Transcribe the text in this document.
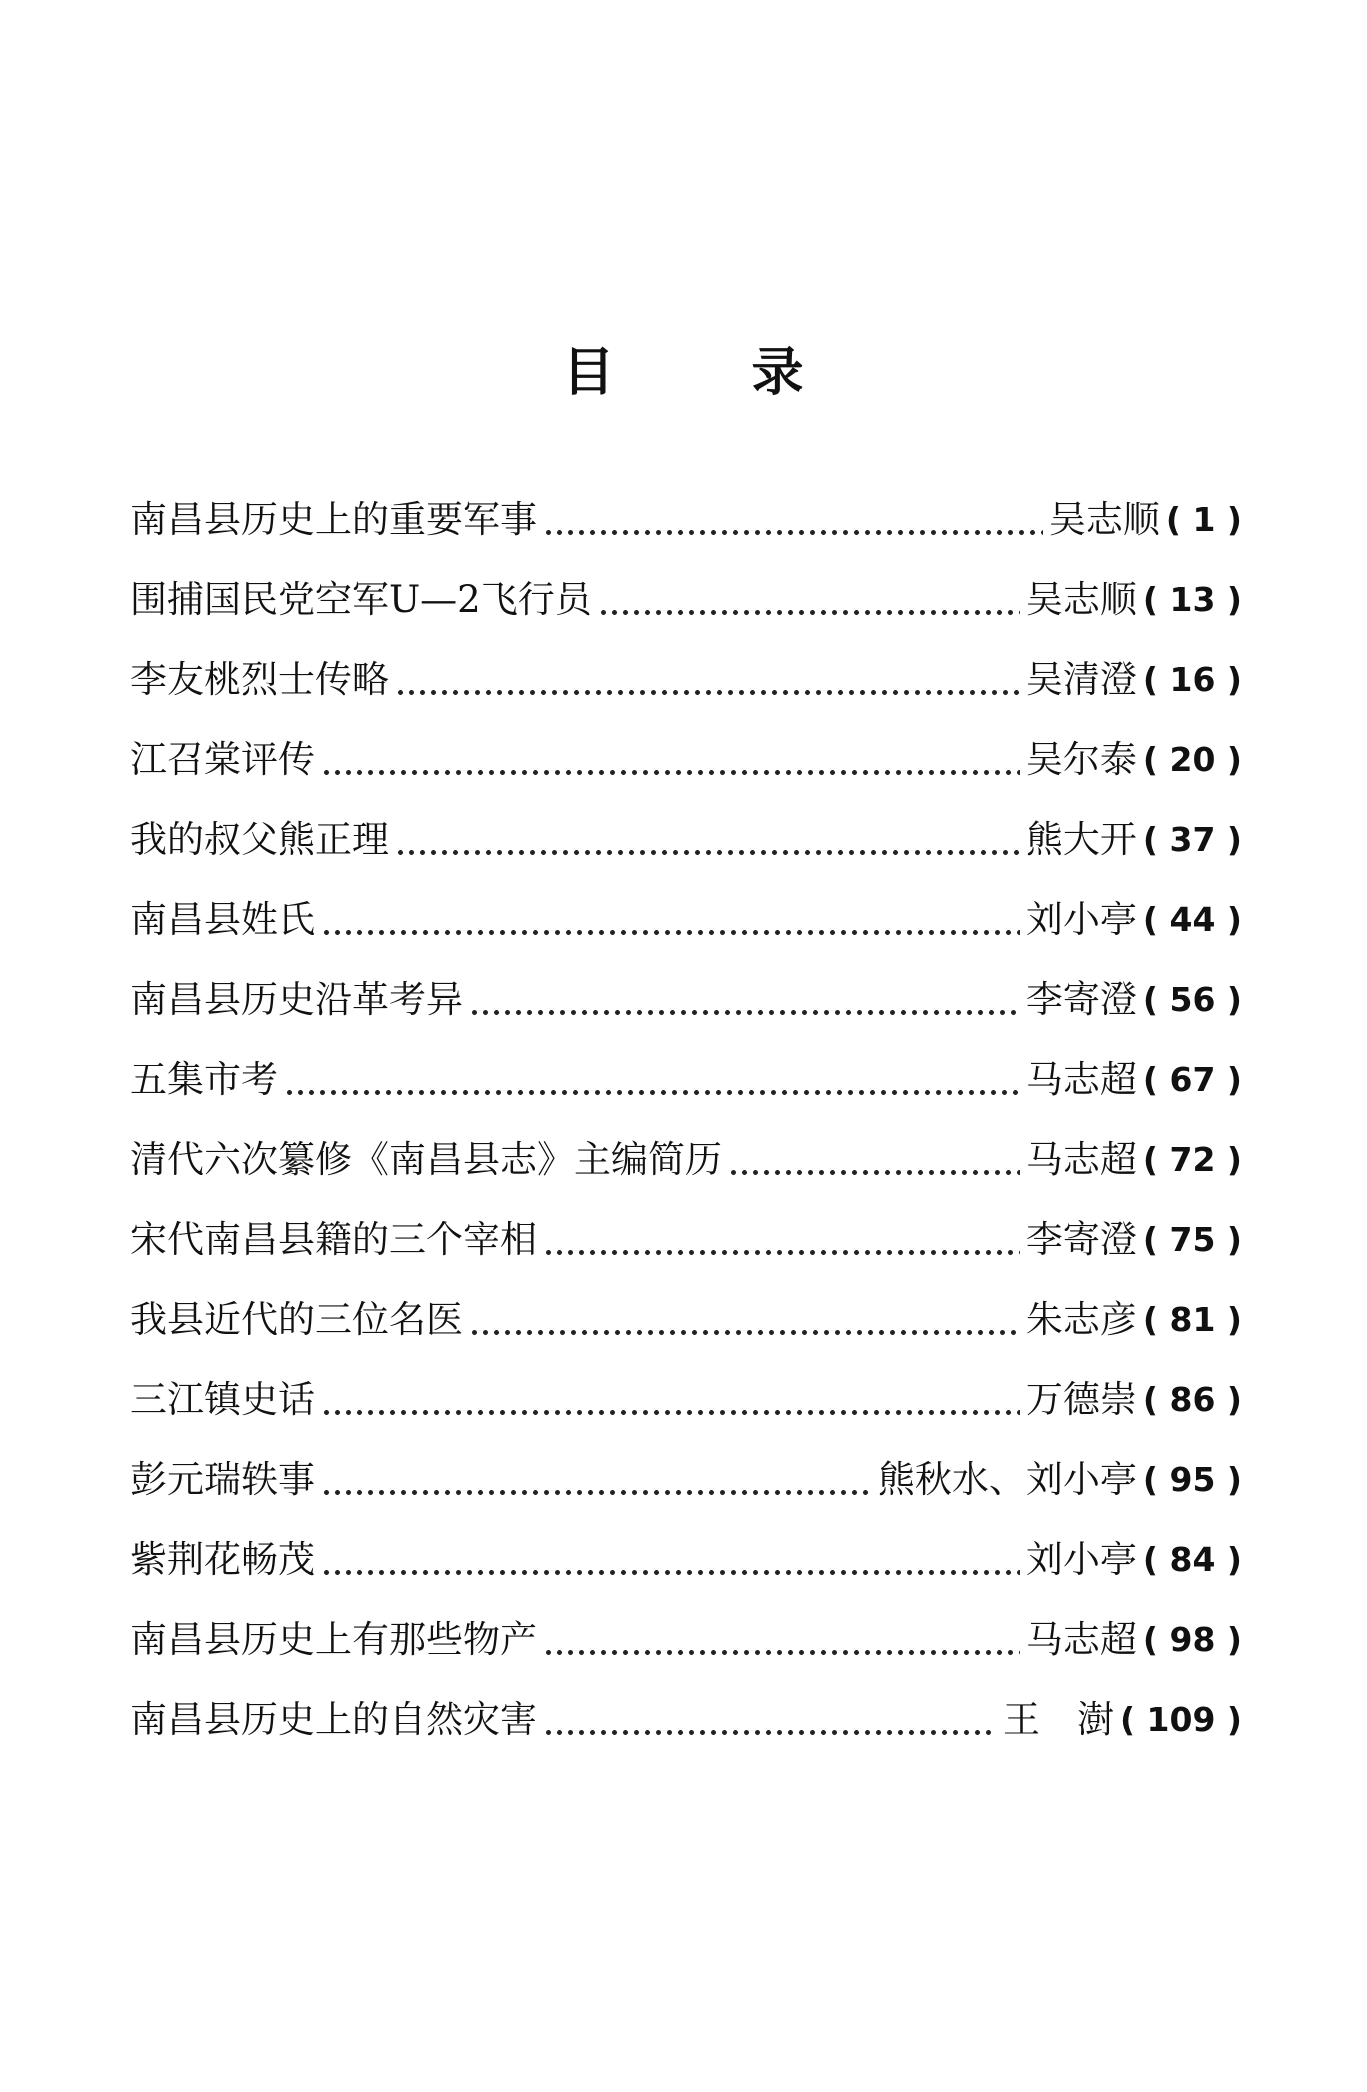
目	录
南昌县历史上的重要军事	吴志顺 ( 1 )
围捕国民党空军U—2飞行员	吴志顺 ( 13 )
李友桃烈士传略	吴清澄 ( 16 )
江召棠评传	吴尔泰 ( 20 )
我的叔父熊正理	熊大开 ( 37 )
南昌县姓氏	刘小亭 ( 44 )
南昌县历史沿革考异	李寄澄 ( 56 )
五集市考	马志超 ( 67 )
清代六次纂修《南昌县志》主编简历	马志超 ( 72 )
宋代南昌县籍的三个宰相	李寄澄 ( 75 )
我县近代的三位名医	朱志彦 ( 81 )
三江镇史话	万德崇 ( 86 )
彭元瑞轶事	熊秋水、刘小亭 ( 95 )
紫荆花畅茂	刘小亭 ( 84 )
南昌县历史上有那些物产	马志超 ( 98 )
南昌县历史上的自然灾害	王　澍 ( 109 )
